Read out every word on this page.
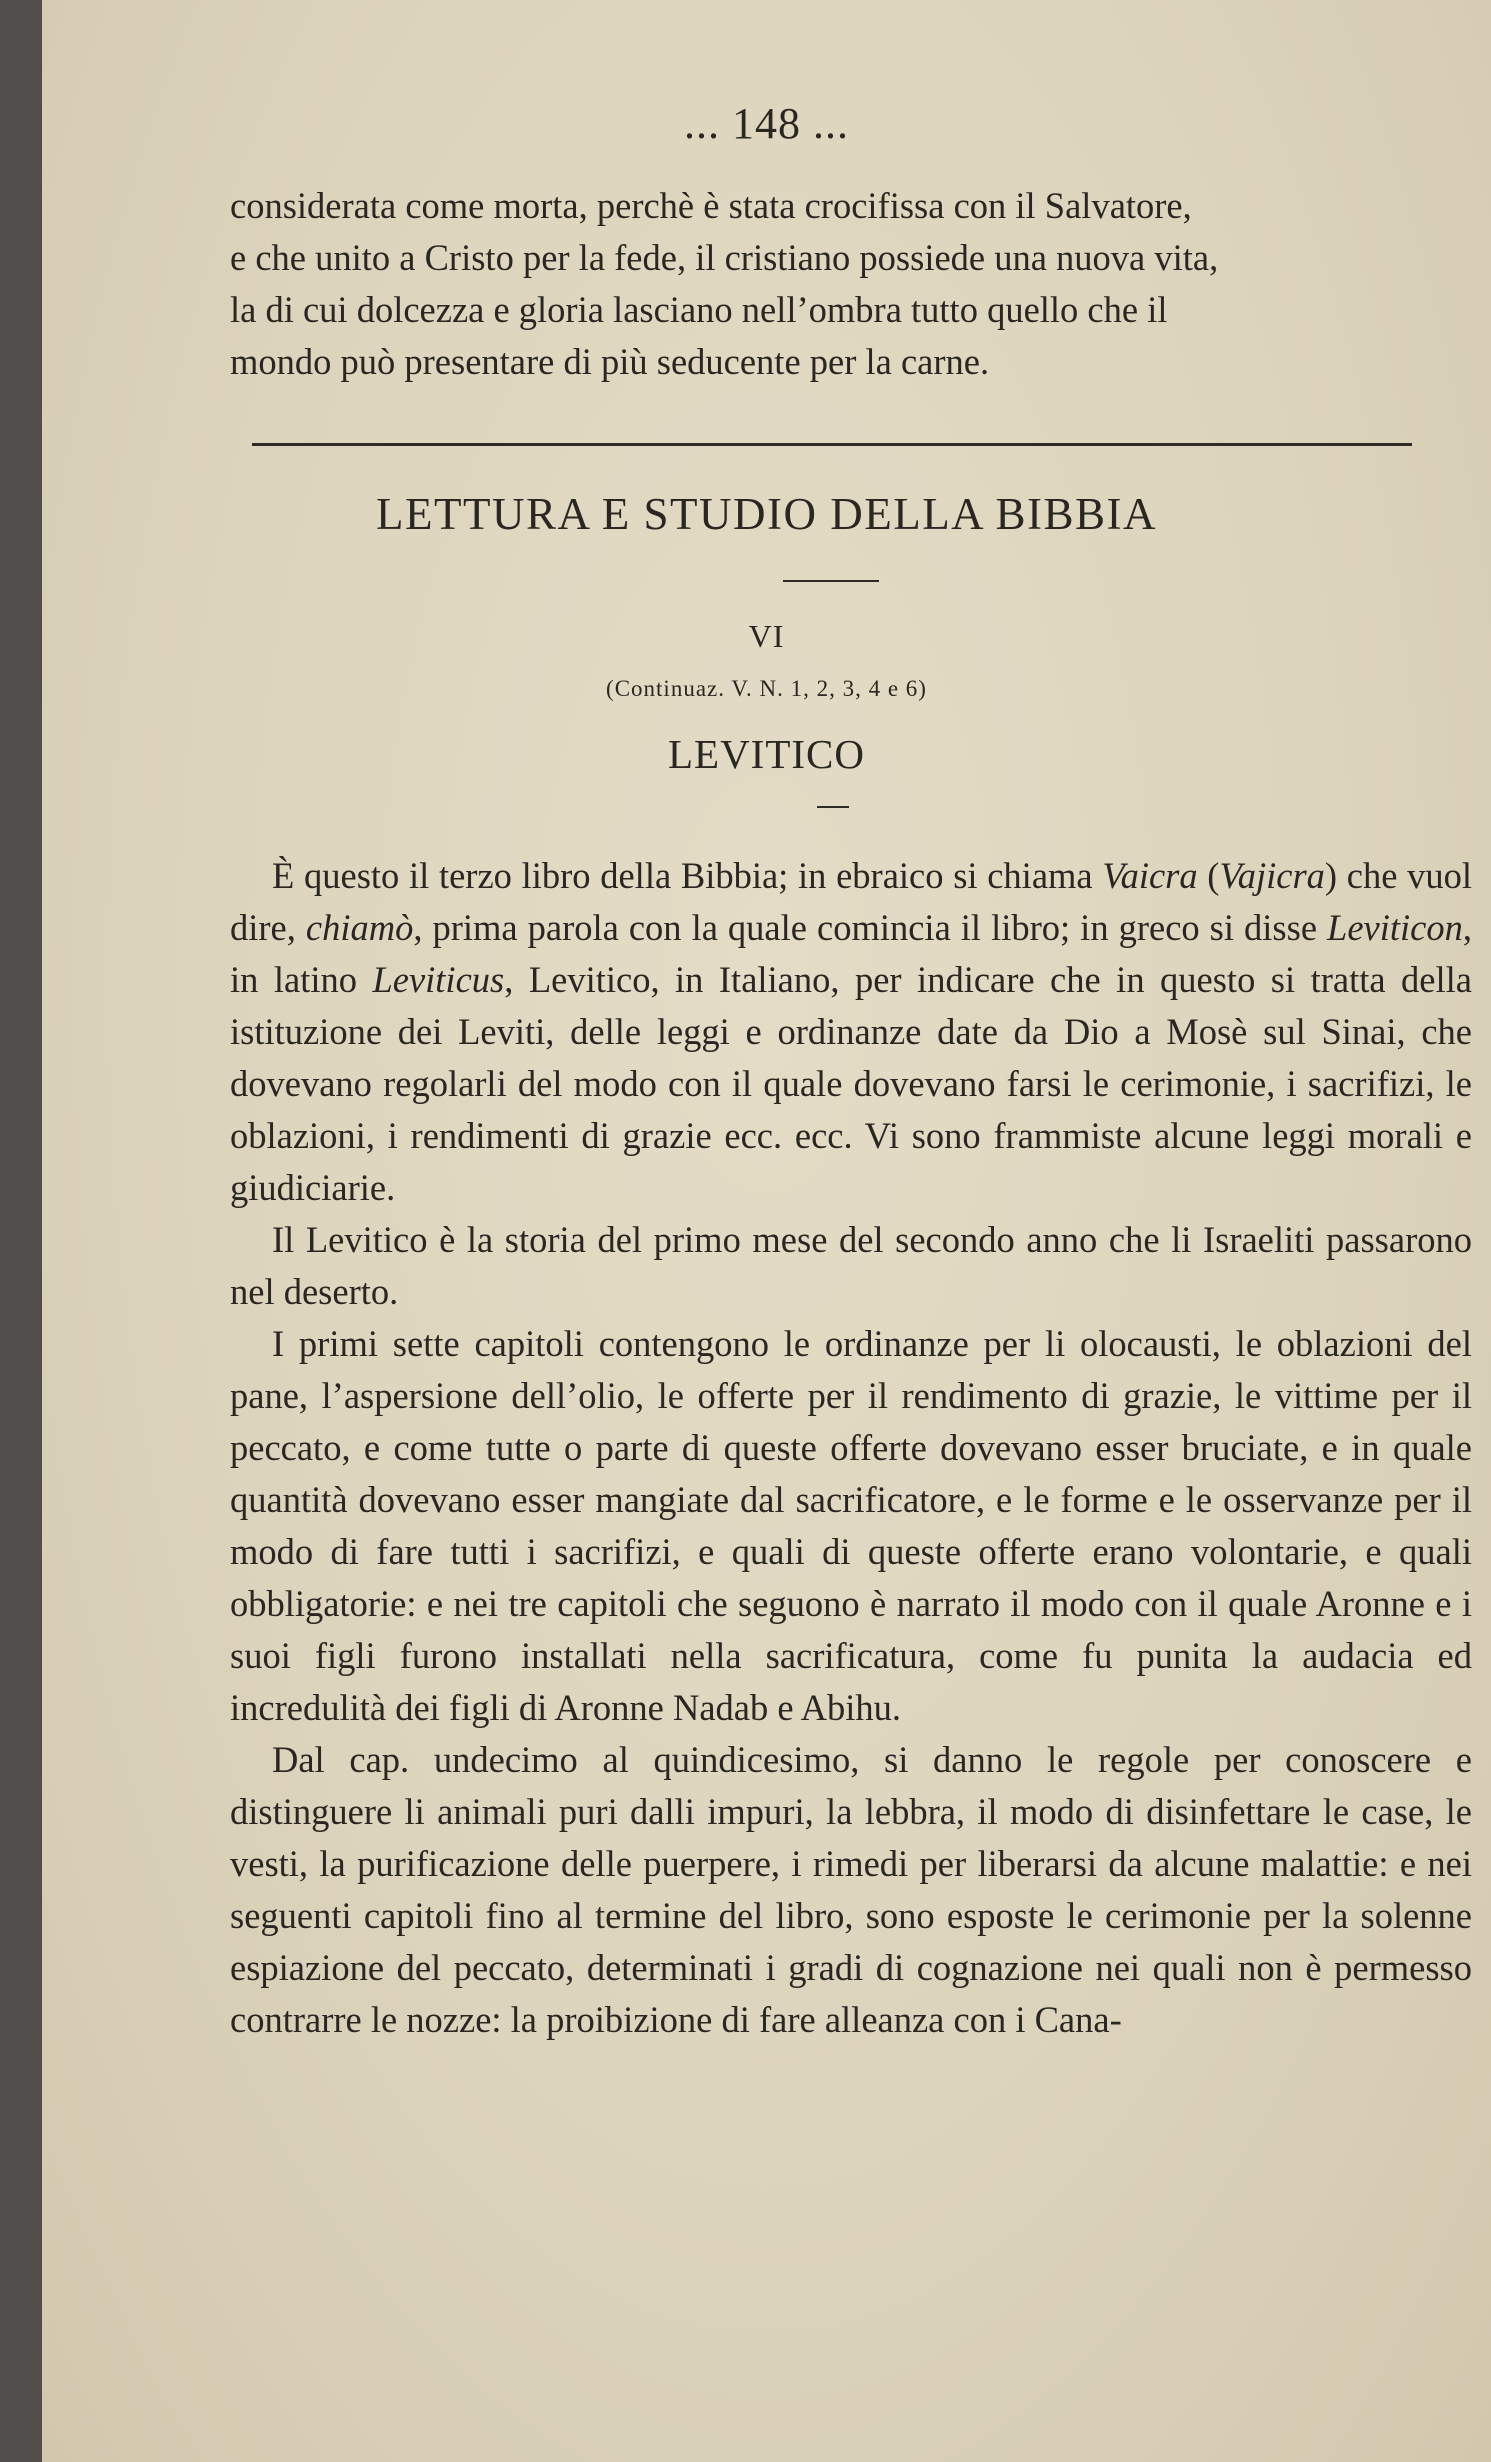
... 148 ...

considerata come morta, perchè è stata crocifissa con il Salvatore,

e che unito a Cristo per la fede, il cristiano possiede una nuova vita,

la di cui dolcezza e gloria lasciano nell’ombra tutto quello che il

mondo può presentare di più seducente per la carne.

LETTURA E STUDIO DELLA BIBBIA
VI
(Continuaz. V. N. 1, 2, 3, 4 e 6)
LEVITICO

È questo il terzo libro della Bibbia; in ebraico si chiama Vaicra (Vajicra) che vuol dire, chiamò, prima parola con la quale comincia il libro; in greco si disse Leviticon, in latino Leviticus, Levitico, in Italiano, per indicare che in questo si tratta della istituzione dei Leviti, delle leggi e ordinanze date da Dio a Mosè sul Sinai, che dovevano regolarli del modo con il quale dovevano farsi le cerimonie, i sacrifizi, le oblazioni, i rendimenti di grazie ecc. ecc. Vi sono frammiste alcune leggi morali e giudiciarie.

Il Levitico è la storia del primo mese del secondo anno che li Israeliti passarono nel deserto.

I primi sette capitoli contengono le ordinanze per li olocausti, le oblazioni del pane, l’aspersione dell’olio, le offerte per il rendimento di grazie, le vittime per il peccato, e come tutte o parte di queste offerte dovevano esser bruciate, e in quale quantità dovevano esser mangiate dal sacrificatore, e le forme e le osservanze per il modo di fare tutti i sacrifizi, e quali di queste offerte erano volontarie, e quali obbligatorie: e nei tre capitoli che seguono è narrato il modo con il quale Aronne e i suoi figli furono installati nella sacrificatura, come fu punita la audacia ed incredulità dei figli di Aronne Nadab e Abihu.

Dal cap. undecimo al quindicesimo, si danno le regole per conoscere e distinguere li animali puri dalli impuri, la lebbra, il modo di disinfettare le case, le vesti, la purificazione delle puerpere, i rimedi per liberarsi da alcune malattie: e nei seguenti capitoli fino al termine del libro, sono esposte le cerimonie per la solenne espiazione del peccato, determinati i gradi di cognazione nei quali non è permesso contrarre le nozze: la proibizione di fare alleanza con i Cana-
